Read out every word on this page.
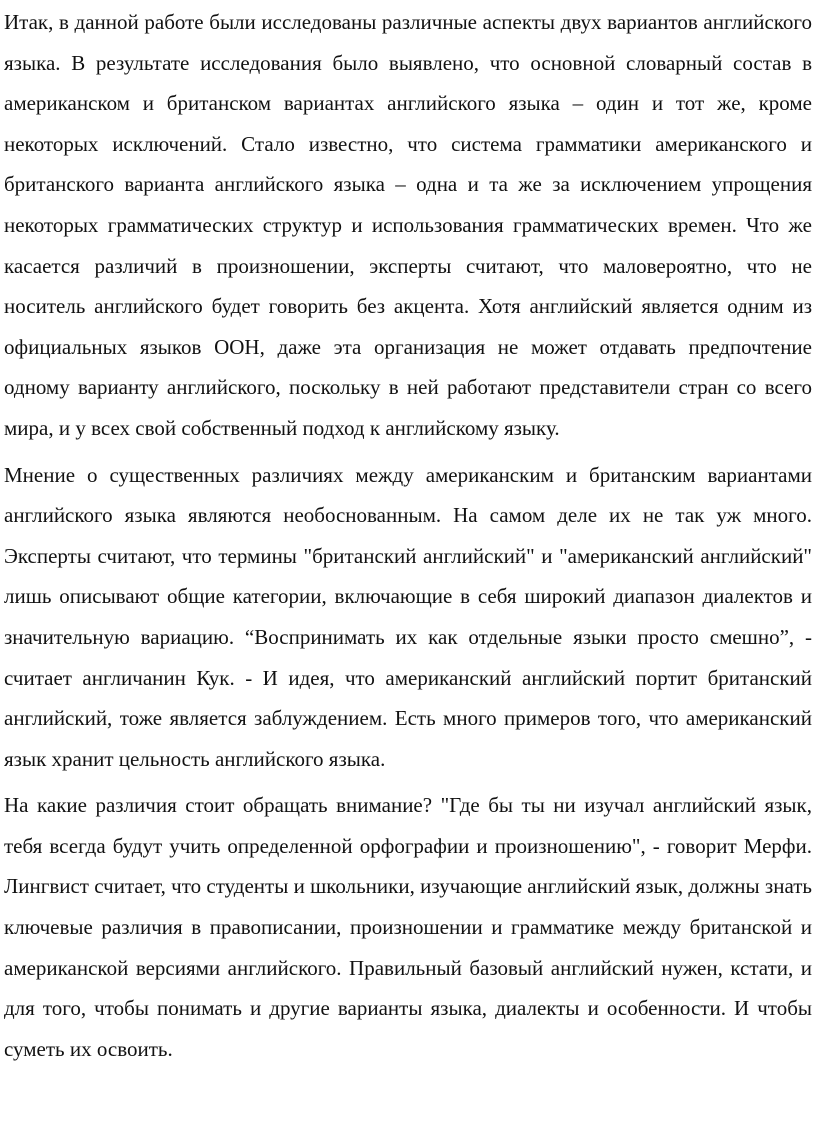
Итак, в данной работе были исследованы различные аспекты двух вариантов английского языка. В результате исследования было выявлено, что основной словарный состав в американском и британском вариантах английского языка – один и тот же, кроме некоторых исключений. Стало известно, что система грамматики американского и британского варианта английского языка – одна и та же за исключением упрощения некоторых грамматических структур и использования грамматических времен. Что же касается различий в произношении, эксперты считают, что маловероятно, что не носитель английского будет говорить без акцента. Хотя английский является одним из официальных языков ООН, даже эта организация не может отдавать предпочтение одному варианту английского, поскольку в ней работают представители стран со всего мира, и у всех свой собственный подход к английскому языку.

Мнение о существенных различиях между американским и британским вариантами английского языка являются необоснованным. На самом деле их не так уж много. Эксперты считают, что термины "британский английский" и "американский английский" лишь описывают общие категории, включающие в себя широкий диапазон диалектов и значительную вариацию. “Воспринимать их как отдельные языки просто смешно”, - считает англичанин Кук. - И идея, что американский английский портит британский английский, тоже является заблуждением. Есть много примеров того, что американский язык хранит цельность английского языка.

На какие различия стоит обращать внимание? "Где бы ты ни изучал английский язык, тебя всегда будут учить определенной орфографии и произношению", - говорит Мерфи. Лингвист считает, что студенты и школьники, изучающие английский язык, должны знать ключевые различия в правописании, произношении и грамматике между британской и американской версиями английского. Правильный базовый английский нужен, кстати, и для того, чтобы понимать и другие варианты языка, диалекты и особенности. И чтобы суметь их освоить.
